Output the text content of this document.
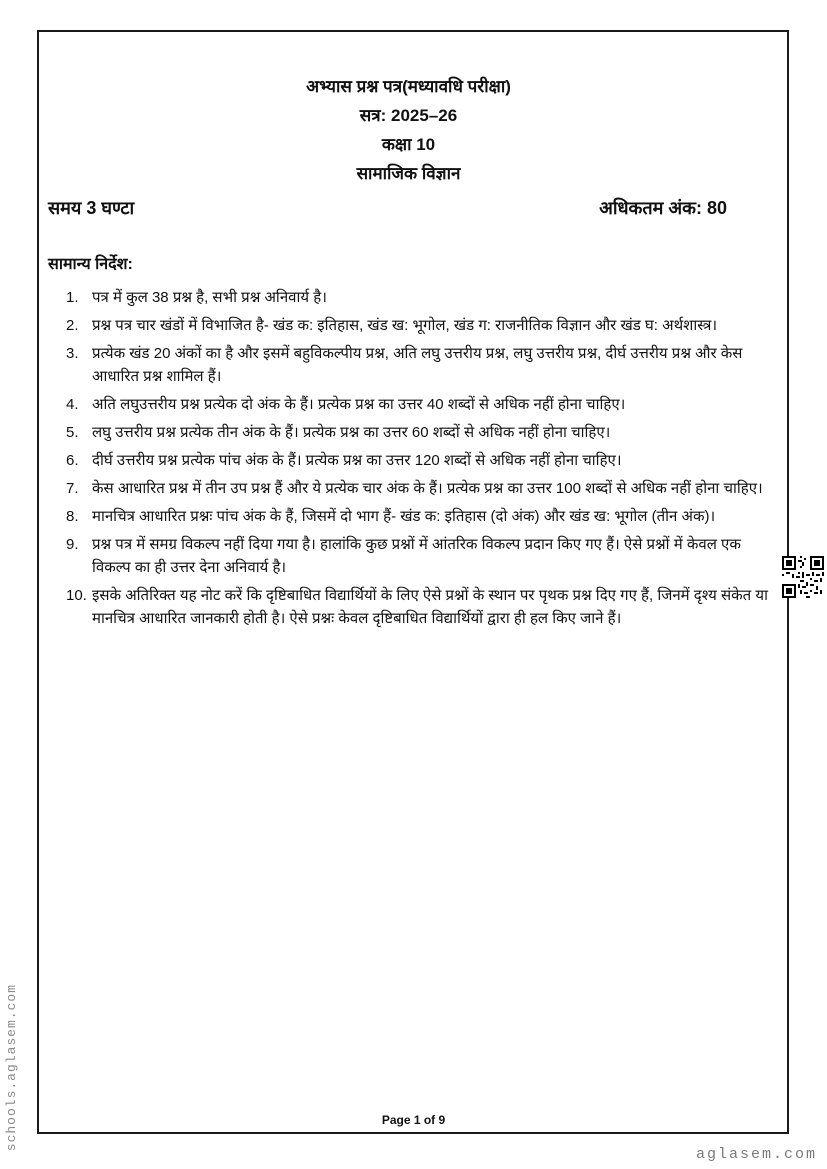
अभ्यास प्रश्न पत्र(मध्यावधि परीक्षा)
सत्र: 2025–26
कक्षा 10
सामाजिक विज्ञान
समय 3 घण्टा	अधिकतम अंक: 80
सामान्य निर्देश:
1. पत्र में कुल 38 प्रश्न है, सभी प्रश्न अनिवार्य है।
2. प्रश्न पत्र चार खंडों में विभाजित है- खंड क: इतिहास, खंड ख: भूगोल, खंड ग: राजनीतिक विज्ञान और खंड घ: अर्थशास्त्र।
3. प्रत्येक खंड 20 अंकों का है और इसमें बहुविकल्पीय प्रश्न, अति लघु उत्तरीय प्रश्न, लघु उत्तरीय प्रश्न, दीर्घ उत्तरीय प्रश्न और केस आधारित प्रश्न शामिल हैं।
4. अति लघुउत्तरीय प्रश्न प्रत्येक दो अंक के हैं। प्रत्येक प्रश्न का उत्तर 40 शब्दों से अधिक नहीं होना चाहिए।
5. लघु उत्तरीय प्रश्न प्रत्येक तीन अंक के हैं। प्रत्येक प्रश्न का उत्तर 60 शब्दों से अधिक नहीं होना चाहिए।
6. दीर्घ उत्तरीय प्रश्न प्रत्येक पांच अंक के हैं। प्रत्येक प्रश्न का उत्तर 120 शब्दों से अधिक नहीं होना चाहिए।
7. केस आधारित प्रश्न में तीन उप प्रश्न हैं और ये प्रत्येक चार अंक के हैं। प्रत्येक प्रश्न का उत्तर 100 शब्दों से अधिक नहीं होना चाहिए।
8. मानचित्र आधारित प्रश्नः पांच अंक के हैं, जिसमें दो भाग हैं- खंड क: इतिहास (दो अंक) और खंड ख: भूगोल (तीन अंक)।
9. प्रश्न पत्र में समग्र विकल्प नहीं दिया गया है। हालांकि कुछ प्रश्नों में आंतरिक विकल्प प्रदान किए गए हैं। ऐसे प्रश्नों में केवल एक विकल्प का ही उत्तर देना अनिवार्य है।
10. इसके अतिरिक्त यह नोट करें कि दृष्टिबाधित विद्यार्थियों के लिए ऐसे प्रश्नों के स्थान पर पृथक प्रश्न दिए गए हैं, जिनमें दृश्य संकेत या मानचित्र आधारित जानकारी होती है। ऐसे प्रश्नः केवल दृष्टिबाधित विद्यार्थियों द्वारा ही हल किए जाने हैं।
Page 1 of 9
schools.aglasem.com
aglasem.com
